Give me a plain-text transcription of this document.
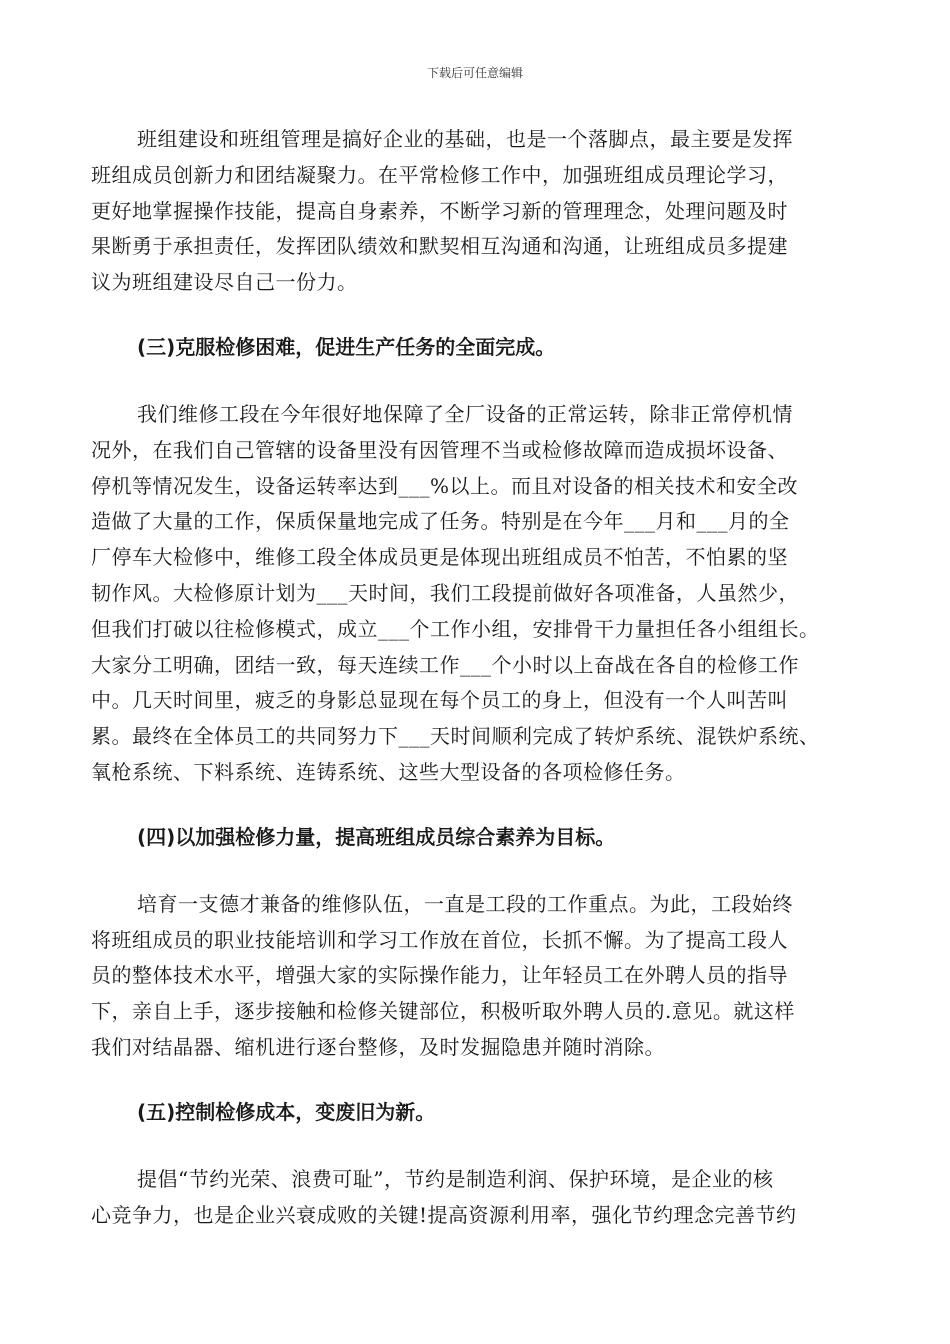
下载后可任意编辑
班组建设和班组管理是搞好企业的基础，也是一个落脚点，最主要是发挥
班组成员创新力和团结凝聚力。在平常检修工作中，加强班组成员理论学习，
更好地掌握操作技能，提高自身素养，不断学习新的管理理念，处理问题及时
果断勇于承担责任，发挥团队绩效和默契相互沟通和沟通，让班组成员多提建
议为班组建设尽自己一份力。
(三)克服检修困难，促进生产任务的全面完成。
我们维修工段在今年很好地保障了全厂设备的正常运转，除非正常停机情
况外，在我们自己管辖的设备里没有因管理不当或检修故障而造成损坏设备、
停机等情况发生，设备运转率达到___%以上。而且对设备的相关技术和安全改
造做了大量的工作，保质保量地完成了任务。特别是在今年___月和___月的全
厂停车大检修中，维修工段全体成员更是体现出班组成员不怕苦，不怕累的坚
韧作风。大检修原计划为___天时间，我们工段提前做好各项准备，人虽然少，
但我们打破以往检修模式，成立___个工作小组，安排骨干力量担任各小组组长。
大家分工明确，团结一致，每天连续工作___个小时以上奋战在各自的检修工作
中。几天时间里，疲乏的身影总显现在每个员工的身上，但没有一个人叫苦叫
累。最终在全体员工的共同努力下___天时间顺利完成了转炉系统、混铁炉系统、
氧枪系统、下料系统、连铸系统、这些大型设备的各项检修任务。
(四)以加强检修力量，提高班组成员综合素养为目标。
培育一支德才兼备的维修队伍，一直是工段的工作重点。为此，工段始终
将班组成员的职业技能培训和学习工作放在首位，长抓不懈。为了提高工段人
员的整体技术水平，增强大家的实际操作能力，让年轻员工在外聘人员的指导
下，亲自上手，逐步接触和检修关键部位，积极听取外聘人员的.意见。就这样
我们对结晶器、缩机进行逐台整修，及时发掘隐患并随时消除。
(五)控制检修成本，变废旧为新。
提倡“节约光荣、浪费可耻”，节约是制造利润、保护环境，是企业的核
心竞争力，也是企业兴衰成败的关键!提高资源利用率，强化节约理念完善节约
